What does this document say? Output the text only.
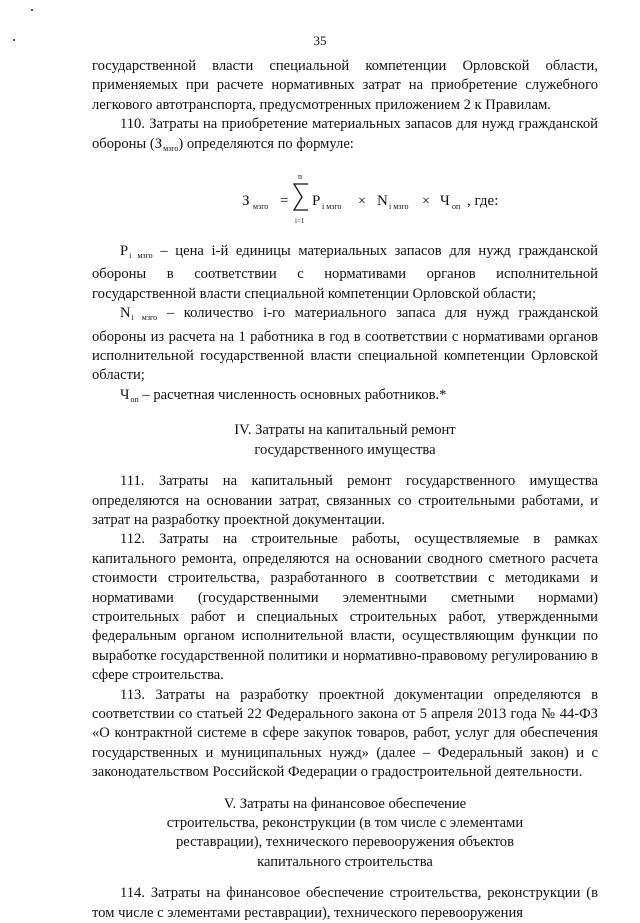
35

государственной власти специальной компетенции Орловской области, применяемых при расчете нормативных затрат на приобретение служебного легкового автотранспорта, предусмотренных приложением 2 к Правилам.

110. Затраты на приобретение материальных запасов для нужд гражданской обороны $(З_{мзго})$ определяются по формуле:

З мзго =
n
i=1
P i мзго × N i мзго × Ч оп , где:

$P_{i мзго}$ – цена i-й единицы материальных запасов для нужд гражданской обороны в соответствии с нормативами органов исполнительной государственной власти специальной компетенции Орловской области;

$N_{i мзго}$ – количество i-го материального запаса для нужд гражданской обороны из расчета на 1 работника в год в соответствии с нормативами органов исполнительной государственной власти специальной компетенции Орловской области;

$Ч_{оп}$ – расчетная численность основных работников.*

IV. Затраты на капитальный ремонт
государственного имущества

111. Затраты на капитальный ремонт государственного имущества определяются на основании затрат, связанных со строительными работами, и затрат на разработку проектной документации.

112. Затраты на строительные работы, осуществляемые в рамках капитального ремонта, определяются на основании сводного сметного расчета стоимости строительства, разработанного в соответствии с методиками и нормативами (государственными элементными сметными нормами) строительных работ и специальных строительных работ, утвержденными федеральным органом исполнительной власти, осуществляющим функции по выработке государственной политики и нормативно-правовому регулированию в сфере строительства.

113. Затраты на разработку проектной документации определяются в соответствии со статьей 22 Федерального закона от 5 апреля 2013 года № 44-ФЗ «О контрактной системе в сфере закупок товаров, работ, услуг для обеспечения государственных и муниципальных нужд» (далее – Федеральный закон) и с законодательством Российской Федерации о градостроительной деятельности.

V. Затраты на финансовое обеспечение
строительства, реконструкции (в том числе с элементами
реставрации), технического перевооружения объектов
капитального строительства

114. Затраты на финансовое обеспечение строительства, реконструкции (в том числе с элементами реставрации), технического перевооружения
